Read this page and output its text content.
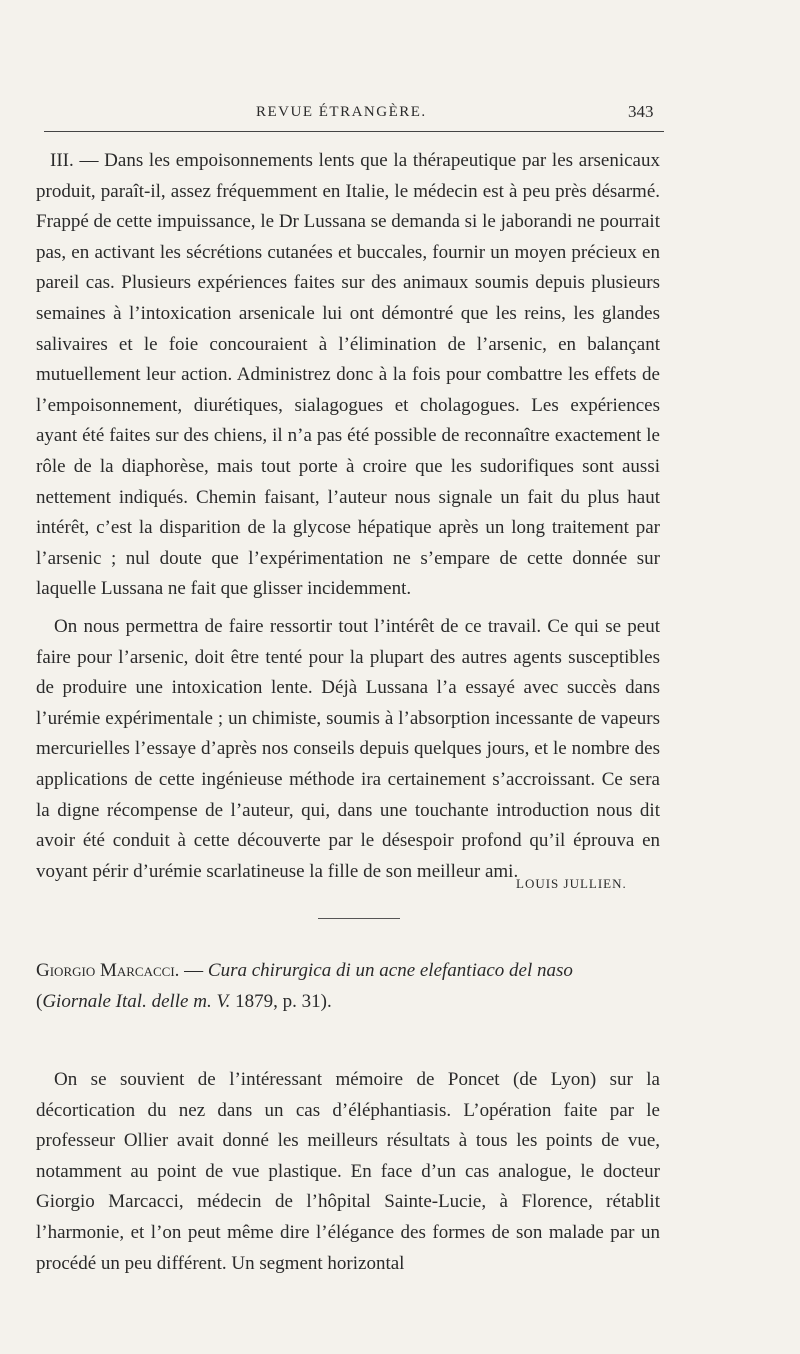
REVUE ÉTRANGÈRE.	343

III. — Dans les empoisonnements lents que la thérapeutique par les arsenicaux produit, paraît-il, assez fréquemment en Italie, le médecin est à peu près désarmé. Frappé de cette impuissance, le Dr Lussana se demanda si le jaborandi ne pourrait pas, en activant les sécrétions cutanées et buccales, fournir un moyen précieux en pareil cas. Plusieurs expériences faites sur des animaux soumis depuis plusieurs semaines à l’intoxication arsenicale lui ont démontré que les reins, les glandes salivaires et le foie concouraient à l’élimination de l’arsenic, en balançant mutuellement leur action. Administrez donc à la fois pour combattre les effets de l’empoisonnement, diurétiques, sialagogues et cholagogues. Les expériences ayant été faites sur des chiens, il n’a pas été possible de reconnaître exactement le rôle de la diaphorèse, mais tout porte à croire que les sudorifiques sont aussi nettement indiqués. Chemin faisant, l’auteur nous signale un fait du plus haut intérêt, c’est la disparition de la glycose hépatique après un long traitement par l’arsenic ; nul doute que l’expérimentation ne s’empare de cette donnée sur laquelle Lussana ne fait que glisser incidemment.

On nous permettra de faire ressortir tout l’intérêt de ce travail. Ce qui se peut faire pour l’arsenic, doit être tenté pour la plupart des autres agents susceptibles de produire une intoxication lente. Déjà Lussana l’a essayé avec succès dans l’urémie expérimentale ; un chimiste, soumis à l’absorption incessante de vapeurs mercurielles l’essaye d’après nos conseils depuis quelques jours, et le nombre des applications de cette ingénieuse méthode ira certainement s’accroissant. Ce sera la digne récompense de l’auteur, qui, dans une touchante introduction nous dit avoir été conduit à cette découverte par le désespoir profond qu’il éprouva en voyant périr d’urémie scarlatineuse la fille de son meilleur ami.

LOUIS JULLIEN.
Giorgio Marcacci. — Cura chirurgica di un acne elefantiaco del naso
(Giornale Ital. delle m. V. 1879, p. 31).

On se souvient de l’intéressant mémoire de Poncet (de Lyon) sur la décortication du nez dans un cas d’éléphantiasis. L’opération faite par le professeur Ollier avait donné les meilleurs résultats à tous les points de vue, notamment au point de vue plastique. En face d’un cas analogue, le docteur Giorgio Marcacci, médecin de l’hôpital Sainte-Lucie, à Florence, rétablit l’harmonie, et l’on peut même dire l’élégance des formes de son malade par un procédé un peu différent. Un segment horizontal
